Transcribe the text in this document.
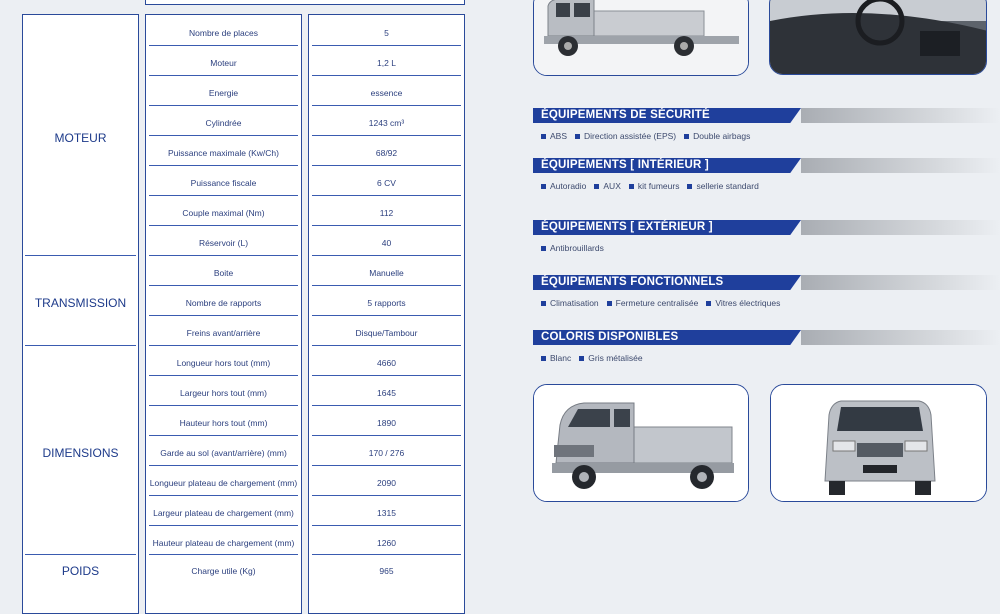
MOTEUR
TRANSMISSION
DIMENSIONS
POIDS
Nombre de places
Moteur
Energie
Cylindrée
Puissance maximale (Kw/Ch)
Puissance fiscale
Couple maximal (Nm)
Réservoir (L)
Boite
Nombre de rapports
Freins avant/arrière
Longueur hors tout (mm)
Largeur hors tout (mm)
Hauteur hors tout (mm)
Garde au sol (avant/arrière) (mm)
Longueur plateau de chargement (mm)
Largeur plateau de chargement (mm)
Hauteur plateau de chargement (mm)
Charge utile (Kg)
5
1,2 L
essence
1243 cm³
68/92
6 CV
112
40
Manuelle
5 rapports
Disque/Tambour
4660
1645
1890
170 / 276
2090
1315
1260
965
ÉQUIPEMENTS DE SÉCURITÉ
ABS Direction assistée (EPS) Double airbags
ÉQUIPEMENTS [ INTÉRIEUR ]
Autoradio AUX kit fumeurs sellerie standard
ÉQUIPEMENTS [ EXTÉRIEUR ]
Antibrouillards
ÉQUIPEMENTS FONCTIONNELS
Climatisation Fermeture centralisée Vitres électriques
COLORIS DISPONIBLES
Blanc Gris métalisée
